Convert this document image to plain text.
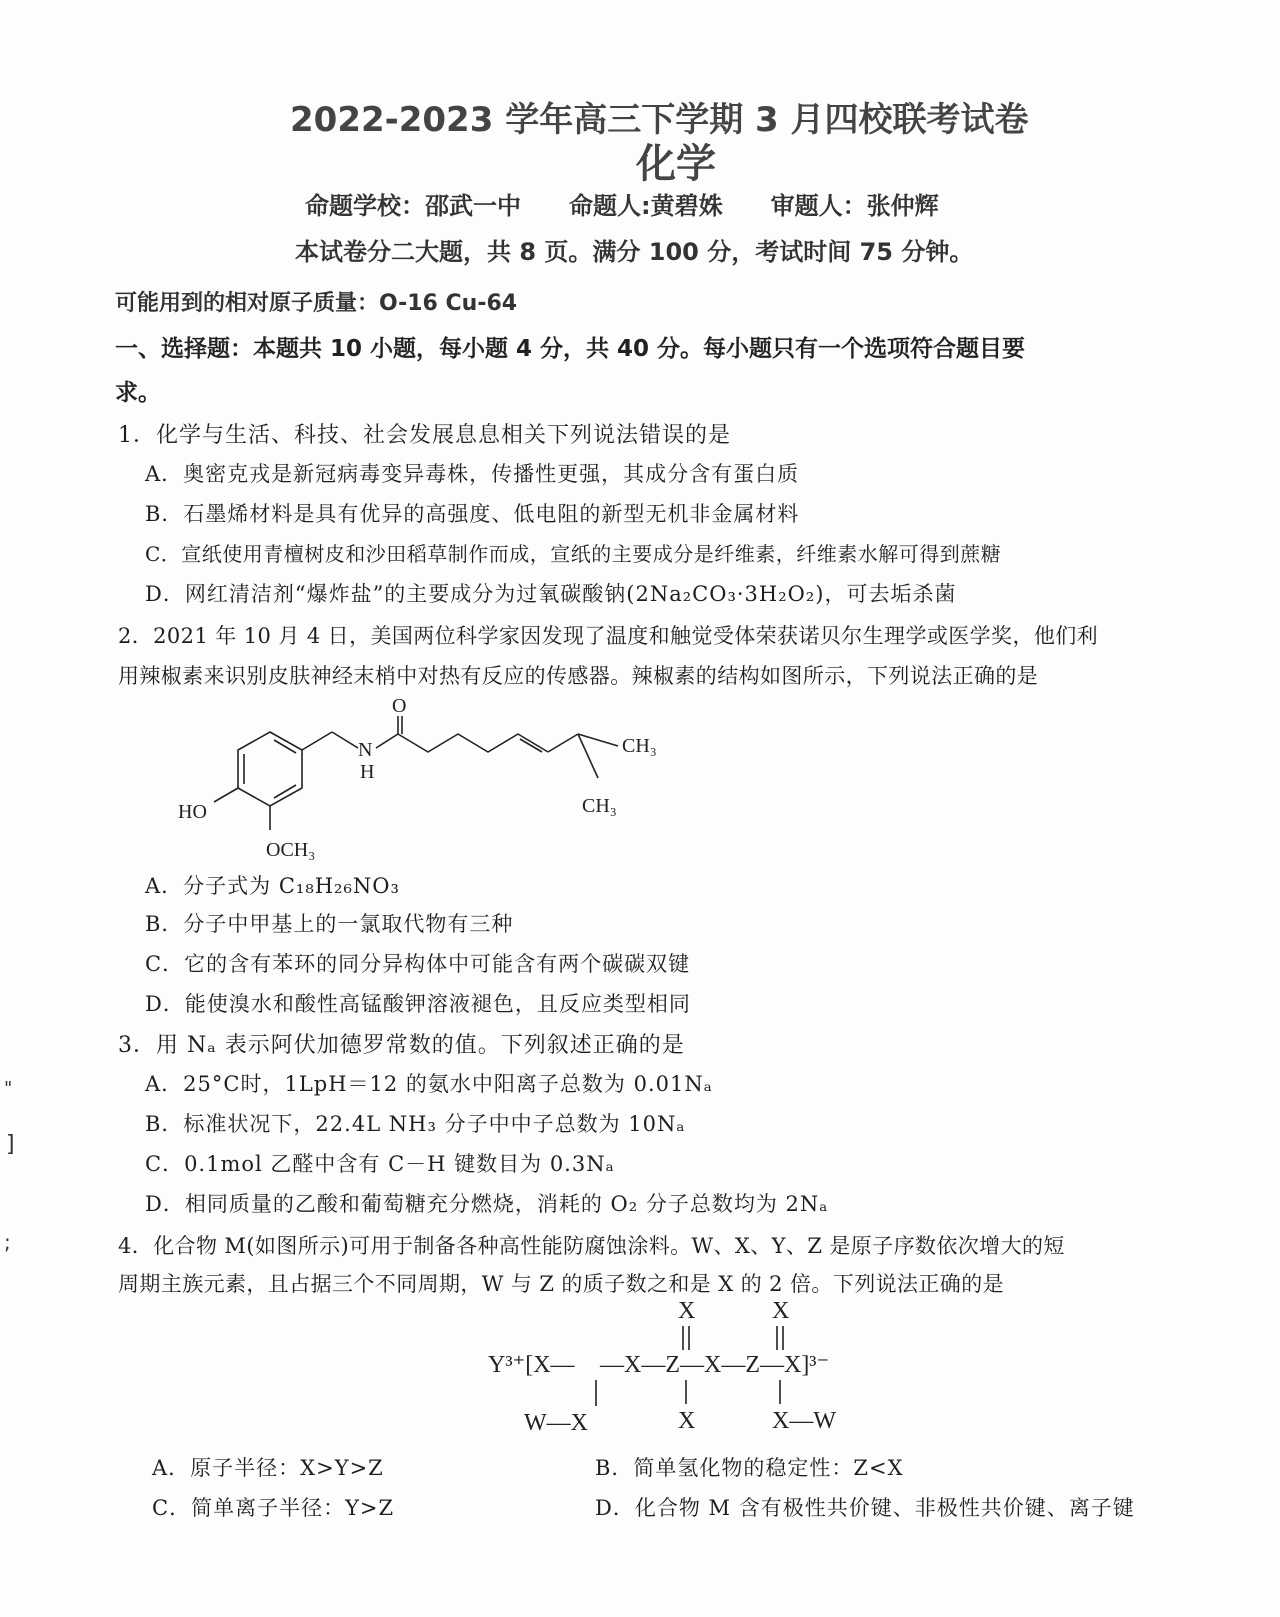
2022-2023 学年高三下学期 3 月四校联考试卷
化学
命题学校：邵武一中　　命题人:黄碧姝　　审题人：张仲辉
本试卷分二大题，共 8 页。满分 100 分，考试时间 75 分钟。
可能用到的相对原子质量：O-16 Cu-64
一、选择题：本题共 10 小题，每小题 4 分，共 40 分。每小题只有一个选项符合题目要
求。
1．化学与生活、科技、社会发展息息相关下列说法错误的是
A．奥密克戎是新冠病毒变异毒株，传播性更强，其成分含有蛋白质
B．石墨烯材料是具有优异的高强度、低电阻的新型无机非金属材料
C．宣纸使用青檀树皮和沙田稻草制作而成，宣纸的主要成分是纤维素，纤维素水解可得到蔗糖
D．网红清洁剂“爆炸盐”的主要成分为过氧碳酸钠(2Na₂CO₃·3H₂O₂)，可去垢杀菌
2．2021 年 10 月 4 日，美国两位科学家因发现了温度和触觉受体荣获诺贝尔生理学或医学奖，他们利
用辣椒素来识别皮肤神经末梢中对热有反应的传感器。辣椒素的结构如图所示，下列说法正确的是
O
N
H
HO
OCH₃
CH₃
CH₃
A．分子式为 C₁₈H₂₆NO₃
B．分子中甲基上的一氯取代物有三种
C．它的含有苯环的同分异构体中可能含有两个碳碳双键
D．能使溴水和酸性高锰酸钾溶液褪色，且反应类型相同
3．用 Nₐ 表示阿伏加德罗常数的值。下列叙述正确的是
A．25°C时，1LpH＝12 的氨水中阳离子总数为 0.01Nₐ
B．标准状况下，22.4L NH₃ 分子中中子总数为 10Nₐ
C．0.1mol 乙醛中含有 C－H 键数目为 0.3Nₐ
D．相同质量的乙酸和葡萄糖充分燃烧，消耗的 O₂ 分子总数均为 2Nₐ
4．化合物 M(如图所示)可用于制备各种高性能防腐蚀涂料。W、X、Y、Z 是原子序数依次增大的短
周期主族元素，且占据三个不同周期，W 与 Z 的质子数之和是 X 的 2 倍。下列说法正确的是
Y³⁺[X— —X—Z—X—Z—X]³⁻
X	X
X
W—X	X—W
A．原子半径：X>Y>Z	B．简单氢化物的稳定性：Z<X
C．简单离子半径：Y>Z	D．化合物 M 含有极性共价键、非极性共价键、离子键
"
]
;
